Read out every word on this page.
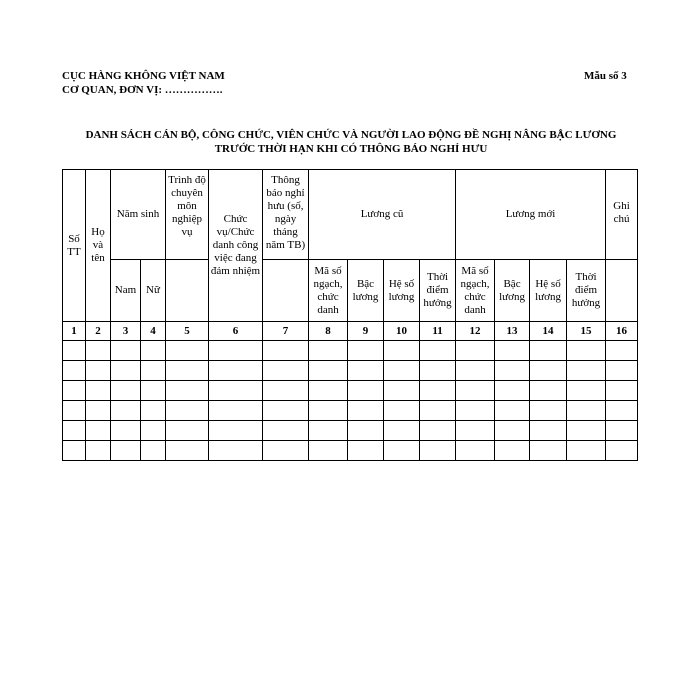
CỤC HÀNG KHÔNG VIỆT NAM
CƠ QUAN, ĐƠN VỊ: …………….
Mẫu số 3
DANH SÁCH CÁN BỘ, CÔNG CHỨC, VIÊN CHỨC VÀ NGƯỜI LAO ĐỘNG ĐỀ NGHỊ NÂNG BẬC LƯƠNG
TRƯỚC THỜI HẠN KHI CÓ THÔNG BÁO NGHỈ HƯU
Số TT	Họ và tên	Năm sinh		Trình độ chuyên môn nghiệp vụ	Chức vụ/Chức danh công việc đang đảm nhiệm	Thông báo nghỉ hưu (số, ngày tháng năm TB)	Lương cũ				Lương mới				Ghi chú
		Nam	Nữ				Mã số ngạch, chức danh	Bậc lương	Hệ số lương	Thời điểm hưởng	Mã số ngạch, chức danh	Bậc lương	Hệ số lương	Thời điểm hưởng	
1	2	3	4	5	6	7	8	9	10	11	12	13	14	15	16
